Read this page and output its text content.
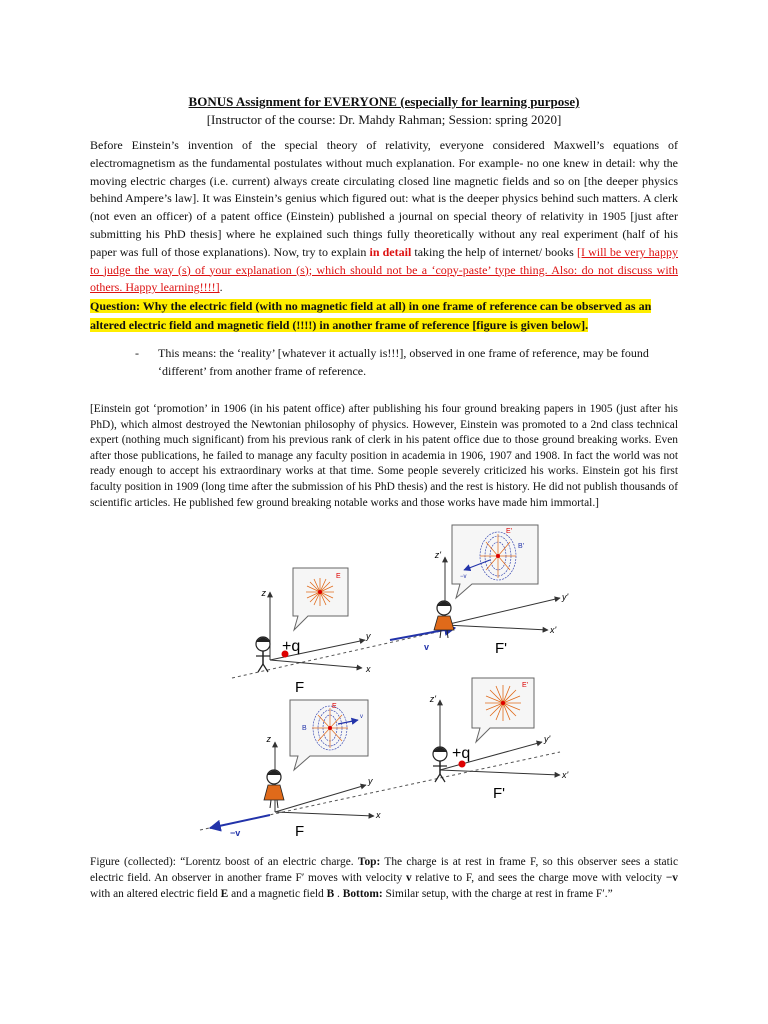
BONUS Assignment for EVERYONE (especially for learning purpose)
[Instructor of the course: Dr. Mahdy Rahman; Session: spring 2020]
Before Einstein’s invention of the special theory of relativity, everyone considered Maxwell’s equations of electromagnetism as the fundamental postulates without much explanation. For example- no one knew in detail: why the moving electric charges (i.e. current) always create circulating closed line magnetic fields and so on [the deeper physics behind Ampere’s law]. It was Einstein’s genius which figured out: what is the deeper physics behind such matters. A clerk (not even an officer) of a patent office (Einstein) published a journal on special theory of relativity in 1905 [just after submitting his PhD thesis] where he explained such things fully theoretically without any real experiment (half of his paper was full of those explanations). Now, try to explain in detail taking the help of internet/ books [I will be very happy to judge the way (s) of your explanation (s); which should not be a ‘copy-paste’ type thing. Also: do not discuss with others. Happy learning!!!!].
Question: Why the electric field (with no magnetic field at all) in one frame of reference can be observed as an altered electric field and magnetic field (!!!!) in another frame of reference [figure is given below].
- This means: the ‘reality’ [whatever it actually is!!!], observed in one frame of reference, may be found ‘different’ from another frame of reference.
[Einstein got ‘promotion’ in 1906 (in his patent office) after publishing his four ground breaking papers in 1905 (just after his PhD), which almost destroyed the Newtonian philosophy of physics. However, Einstein was promoted to a 2nd class technical expert (nothing much significant) from his previous rank of clerk in his patent office due to those ground breaking works. Even after those publications, he failed to manage any faculty position in academia in 1906, 1907 and 1908. In fact the world was not ready enough to accept his extraordinary works at that time. Some people severely criticized his works. Einstein got his first faculty position in 1909 (long time after the submission of his PhD thesis) and the rest is history. He did not publish thousands of scientific articles. He published few ground breaking notable works and those works have made him immortal.]
z
y
x
F
+q
E
z'
y'
x'
F'
v
E'
B'
−v
−v
z
y
x
F
E
B
v
z'
y'
x'
F'
+q
E'
Figure (collected): “Lorentz boost of an electric charge. Top: The charge is at rest in frame F, so this observer sees a static electric field. An observer in another frame F′ moves with velocity v relative to F, and sees the charge move with velocity −v with an altered electric field E and a magnetic field B . Bottom: Similar setup, with the charge at rest in frame F′.”
